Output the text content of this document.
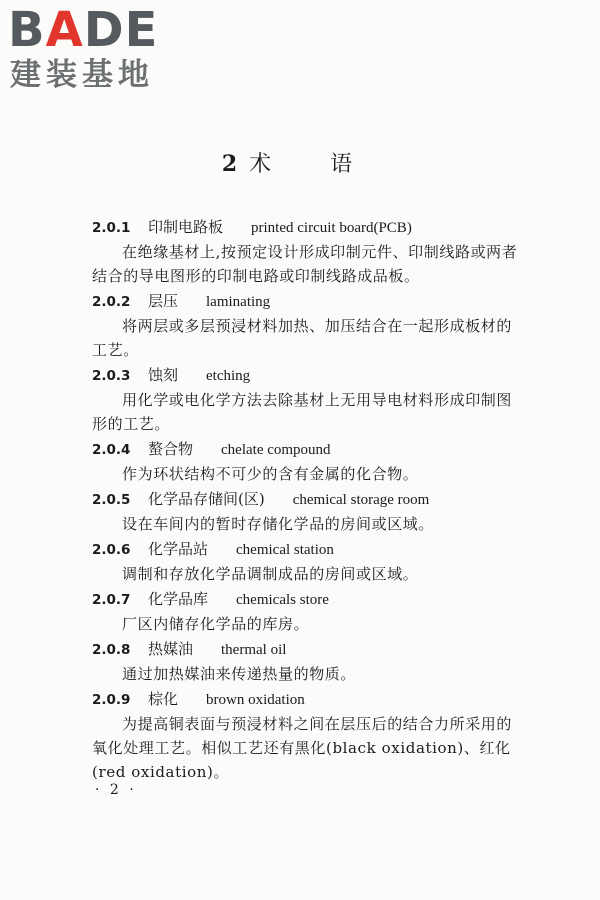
BADE
建装基地
2 术 语
2.0.1 印制电路板 printed circuit board(PCB)
在绝缘基材上,按预定设计形成印制元件、印制线路或两者结合的导电图形的印制电路或印制线路成品板。
2.0.2 层压 laminating
将两层或多层预浸材料加热、加压结合在一起形成板材的工艺。
2.0.3 蚀刻 etching
用化学或电化学方法去除基材上无用导电材料形成印制图形的工艺。
2.0.4 螯合物 chelate compound
作为环状结构不可少的含有金属的化合物。
2.0.5 化学品存储间(区) chemical storage room
设在车间内的暂时存储化学品的房间或区域。
2.0.6 化学品站 chemical station
调制和存放化学品调制成品的房间或区域。
2.0.7 化学品库 chemicals store
厂区内储存化学品的库房。
2.0.8 热媒油 thermal oil
通过加热媒油来传递热量的物质。
2.0.9 棕化 brown oxidation
为提高铜表面与预浸材料之间在层压后的结合力所采用的氧化处理工艺。相似工艺还有黑化(black oxidation)、红化(red oxidation)。
· 2 ·
